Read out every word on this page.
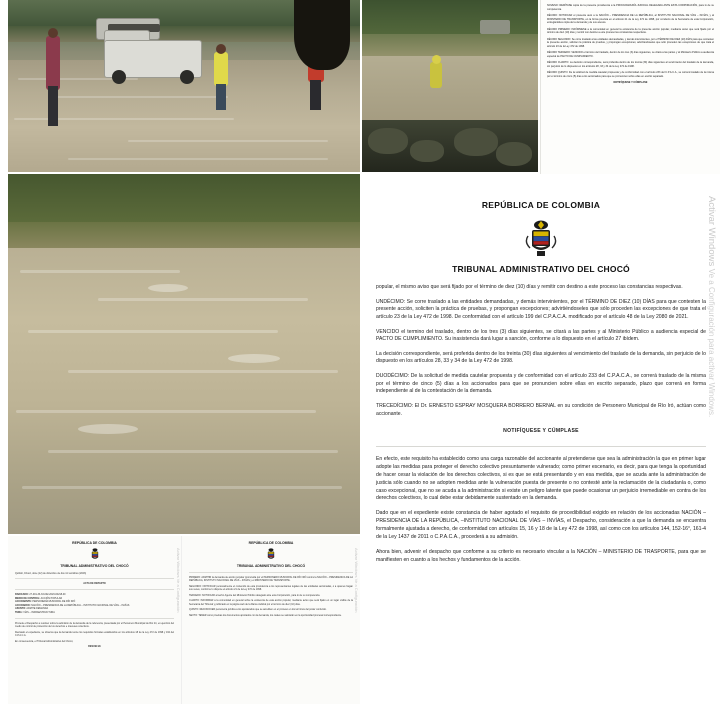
NOVENO: REMÍTASE copia de la presente providencia a la PROCURADURÍA JUDICIAL DELEGADA ANTE ESTA CORPORACIÓN, para lo de su competencia.
DÉCIMO: NOTIFICAR el presente auto a la NACIÓN – PRESIDENCIA DE LA REPÚBLICA, al INSTITUTO NACIONAL DE VÍAS – INVÍAS, y al MINISTERIO DE TRANSPORTE, en la forma prevista en el artículo 21 de la Ley 472 de 1998, por conducto de la Secretaría de esta Corporación, entregándoles copia de la demanda y de sus anexos.
DÉCIMO PRIMERO: INFÓRMESE a la comunidad en general la existencia de la presente acción popular, mediante aviso que será fijado por el término de diez (10) días y remitir con destino a este proceso las constancias respectivas.
DÉCIMO SEGUNDO: Se corre traslado a las entidades demandadas, y demás intervinientes, por el TÉRMINO DE DIEZ (10) DÍAS para que contesten la presente acción, soliciten la práctica de pruebas, y propongan excepciones; advirtiéndoseles que sólo proceden las excepciones de que trata el artículo 23 de la Ley 472 de 1998.
DÉCIMO TERCERO: VENCIDO el término del traslado, dentro de los tres (3) días siguientes, se citará a las partes y al Ministerio Público a audiencia especial de PACTO DE CUMPLIMIENTO.
DÉCIMO CUARTO: La decisión correspondiente, será proferida dentro de los treinta (30) días siguientes al vencimiento del traslado de la demanda, sin perjuicio de lo dispuesto en los artículos 28, 33 y 34 de la Ley 472 de 1998.
DÉCIMO QUINTO: De la solicitud de medida cautelar propuesta y de conformidad con el artículo 233 del C.P.A.C.A., se correrá traslado de la misma por el término de cinco (5) días a los accionados para que se pronuncien sobre ellas en escrito separado.
NOTIFÍQUESE Y CÚMPLASE
REPÚBLICA DE COLOMBIA
TRIBUNAL ADMINISTRATIVO DEL CHOCÓ

popular, el mismo aviso que será fijado por el término de diez (10) días y remitir con destino a este proceso las constancias respectivas.

UNDÉCIMO: Se corre traslado a las entidades demandadas, y demás intervinientes, por el TÉRMINO DE DIEZ (10) DÍAS para que contesten la presente acción, soliciten la práctica de pruebas, y propongan excepciones; advirtiéndoseles que sólo proceden las excepciones de que trata el artículo 23 de la Ley 472 de 1998. De conformidad con el artículo 199 del C.P.A.C.A. modificado por el artículo 48 de la Ley 2080 de 2021.

VENCIDO el termino del traslado, dentro de los tres (3) días siguientes, se citará a las partes y al Ministerio Público a audiencia especial de PACTO DE CUMPLIMIENTO. Su inasistencia dará lugar a sanción, conforme a lo dispuesto en el artículo 27 ibídem.

La decisión correspondiente, será proferida dentro de los treinta (30) días siguientes al vencimiento del traslado de la demanda, sin perjuicio de lo dispuesto en los artículos 28, 33 y 34 de la Ley 472 de 1998.

DUODÉCIMO: De la solicitud de medida cautelar propuesta y de conformidad con el artículo 233 del C.P.A.C.A., se correrá traslado de la misma por el término de cinco (5) días a los accionados para que se pronuncien sobre ellas en escrito separado, plazo que correrá en forma independiente al de la contestación de la demanda.

TRECEDÍCIMO: El Dr. ERNESTO ESPRAY MOSQUERA BORRERO BERNAL en su condición de Personero Municipal de Río Iró, actúan como accionante.

NOTIFÍQUESE Y CÚMPLASE

En efecto, este requisito ha establecido como una carga razonable del accionante al pretenderse que sea la administración la que en primer lugar adopte las medidas para proteger el derecho colectivo presuntamente vulnerado; como primer escenario, es decir, para que tenga la oportunidad de hacer cesar la violación de los derechos colectivos, si es que se está presentando y en esa medida, que se acuda ante la administración de justicia sólo cuando no se adopten medidas ante la vulneración puesta de presente o no contesté ante la reclamación de la ciudadanía o, como caso excepcional, que no se acuda a la administración si existe un peligro latente que puede ocasionar un perjuicio irremediable en contra de los derechos colectivos, lo cual debe estar debidamente sustentado en la demanda.

Dado que en el expediente existe constancia de haber agotado el requisito de procedibilidad exigido en relación de los accionadas NACIÓN – PRESIDENCIA DE LA REPÚBLICA, –INSTITUTO NACIONAL DE VÍAS – INVÍAS, el Despacho, consideración a que la demanda se encuentra formalmente ajustada a derecho, de conformidad con artículos 15, 16 y 18 de la Ley 472 de 1998, así como con los artículos 144, 152-16°, 161-4 de la Ley 1437 de 2011 o C.P.A.C.A., procederá a su admisión.

Ahora bien, advenir el despacho que conforme a su criterio es necesario vincular a la NACIÓN – MINISTERIO DE TRASPORTE, para que se manifiesten en cuanto a los hechos y fundamentos de la acción.

REPÚBLICA DE COLOMBIA
TRIBUNAL ADMINISTRATIVO DEL CHOCÓ
Quibdó, Chocó, doce (12) de diciembre de dos mil veintitrés (2023)
ACTA DE REPARTO
RADICADO: 27-001-33-33-002-2023-00218-00
MEDIO DE CONTROL: ACCIÓN POPULAR
ACCIONANTE: PERSONERÍA MUNICIPAL DE RÍO IRÓ
ACCIONADO: NACIÓN – PRESIDENCIA DE LA REPÚBLICA – INSTITUTO NACIONAL DE VÍAS – INVÍAS
ASUNTO: ADMITE DEMANDA
TEMA: VÍAS – INFRAESTRUCTURA
Procede el Despacho a resolver sobre la admisión de la demanda de la referencia, presentada por el Personero Municipal de Río Iró, en ejercicio del medio de control de protección de los derechos e intereses colectivos.
Revisado el expediente, se observa que la demanda reúne los requisitos formales establecidos en los artículos 18 de la Ley 472 de 1998 y 162 del C.P.A.C.A.
En consecuencia, el Tribunal Administrativo del Chocó,
RESUELVE
REPÚBLICA DE COLOMBIA
TRIBUNAL ADMINISTRATIVO DEL CHOCÓ
PRIMERO: ADMITIR la demanda de acción popular promovida por el PERSONERO MUNICIPAL DE RÍO IRÓ contra la NACIÓN – PRESIDENCIA DE LA REPÚBLICA, INSTITUTO NACIONAL DE VÍAS – INVÍAS y el MINISTERIO DE TRANSPORTE.
SEGUNDO: NOTIFICAR personalmente el contenido de esta providencia a los representantes legales de las entidades accionadas, o a quienes hagan sus veces, conforme lo dispone el artículo 21 de la Ley 472 de 1998.
TERCERO: NOTIFICAR al señor Agente del Ministerio Público delegado ante esta Corporación, para lo de su competencia.
CUARTO: INFORMAR a la comunidad en general sobre la existencia de esta acción popular, mediante aviso que será fijado en un lugar visible de la Secretaría del Tribunal y publicado en la página web de la Rama Judicial por el término de diez (10) días.
QUINTO: RECONOCER personería jurídica a los apoderados que se acrediten en el proceso en los términos del poder conferido.
SEXTO: TENER como pruebas los documentos aportados con la demanda, los cuales se valorarán en la oportunidad procesal correspondiente.
Activar Windows Ve a Configuración para activar Windows.
Activar Windows Ve a Configuración
Activar Windows Ve a Configuración
